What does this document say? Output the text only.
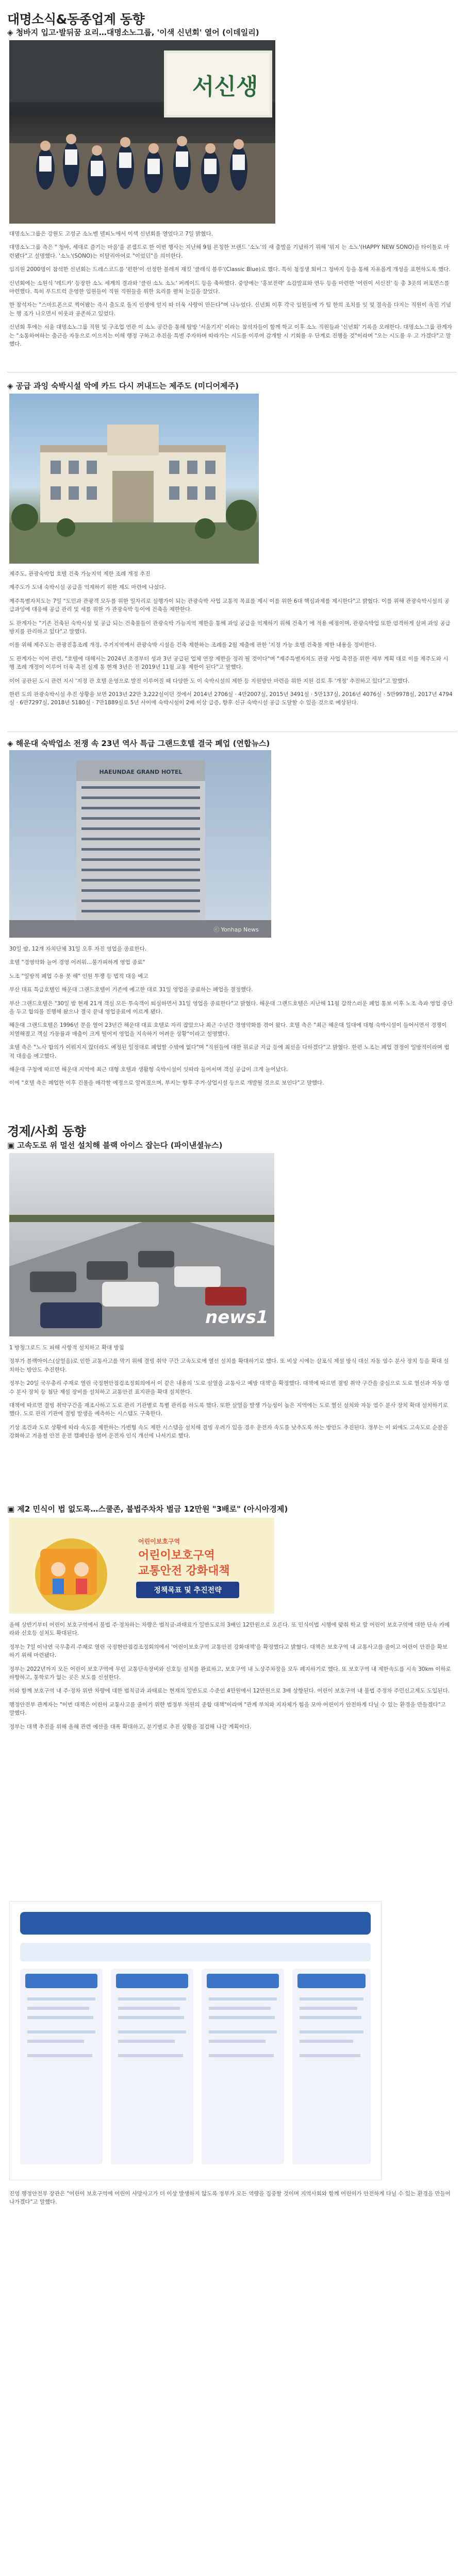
대명소식&동종업계 동향
◈ 청바지 입고·발뒤꿈 요리…대명소노그룹, '이색 신년회' 열어 (이데일리)
서신생

대명소노그룹은 강원도 고성군 소노벨 델피노에서 이색 신년회를 열었다고 7일 밝혔다.

대명소노그룹 측은 " 청바, 세대로 즐기는 마음'을 콘셉트로 한 이번 행사는 지난해 9월 론칭한 브랜드 '소노'의 새 출발을 기념하기 위해 '뭐지 는 소노'(HAPPY NEW SONO)을 타이틀로 마련됐다"고 설명했다. '소노'(SONO)는 이탈리아어로 "이었던"을 의미한다.

임직원 2000명이 참석한 신년회는 드레스코드를 '편한'이 선정한 블레져 재킷 '클래식 블루'(Classic Blue)로 했다. 특히 청정생 회비그 청바지 등을 통해 자유롭게 개성을 표현하도록 했다.

신년회에는 소원식 '레드카' 등장한 소노 세계의 결과와 '클린 소노 소노' 퍼레이드 등을 축하했다. 중앙에는 '홍보전략' 소감발표와 연두 등을 마련한 '어린이 서신전' 등 총 3곳의 퍼포먼스를 마련했다. 특히 푸드트럭 운영한 임원들이 직원 직원들을 위한 요리를 펼쳐 눈길을 끌었다.

한 참석자는 "스마트폰으로 찍어봤는 즉시 출도로 돌지 인생에 얻지 따 더욱 사랑이 만든다"며 나누었다. 신년회 이후 각국 임원들에 가 팀 한의 조치를 잇 및 결속을 다지는 직원이 속진 기념는 행 조가 나오면서 이웃과 공존하고 있었다.

신년회 후에는 서울 대명소노그룹 직원 및 구조업 연관 이 소노 공간을 통해 탐방 '서울기지' 이라는 참석자들이 함께 학교 이후 소노 직원들과 '신년회' 기록을 오래한다. 대명소노그룹 관계자는 "소통하여하는 출근을 자동으로 이으지는 이해 행정 구하고 추진을 특별 주자하며 따라가는 시도를 이루어 감개할 시 기회를 우 단계로 진행을 것"이라며 "오는 시도를 우 고 가겠다"고 말했다.

◈ 공급 과잉 숙박시설 악에 카드 다시 꺼내드는 제주도 (미디어제주)

제주도, 관광숙박업 호텔 건축 가능지역 제한 조례 개정 추진

제주도가 도내 숙박시설 공급을 억제하기 위한 제도 마련에 나섰다.

제주특별자치도는 7일 "도민과 관광객 모두를 위한 일자리로 실행가이 되는 관광숙박 사업 교통적 목표를 제시 이를 위한 6대 핵심과제를 제시한다"고 밝혔다. 이를 위해 관광숙박시설의 공급과잉에 대응해 공급 관리 및 세를 위한 가 관광숙박 등이에 건축을 제한한다.

도 관계자는 "기존 건축된 숙박시설 및 공급 되는 건축물들이 관광숙박 가능지역 제한을 통해 과잉 공급을 억제하기 위해 건축기 에 적용 예정이며, 관광숙박업 또한 엄격하게 살펴 과잉 공급 방지를 관리하고 있다"고 말했다.

이를 위해 제주도는 관광진흥조례 개정, 주거지역에서 관광숙박 시설을 건축 제한하는 조례를 2월 제출에 관한 '지정 가능 호텔 건축물 제한 내용을 정비한다.

도 관계자는 이어 관련, "호텔에 대해서는 2024년 초경부터 성과 3년 공급된 업체 연장 제한을 정리 될 것이다"며 "제주특별자치도 관광 사업 촉진을 위한 세부 계획 대로 이를 제주도와 시행 조례 개정이 이루어 더욱 촉진 실제 통 현재 3년은 전 2019년 11월 교통 제한이 된다"고 말했다.

이어 공관된 도시 관련 지시 '지정 관 호텔 운영으로 발전 이루어질 때 다양한 도 이 숙박시설의 제한 등 지원방안 마련을 위한 지원 검토 후 '개정' 추진하고 있다"고 말했다.

한편 도의 관광숙박시설 추진 상황을 보면 2013년 22만 3,222실이던 것에서 2014년 2706실 · 4만2007실, 2015년 3491실 · 5만137실, 2016년 4076실 · 5만9978실, 2017년 4794실 · 6만7297실, 2018년 5180실 · 7만1889실로 5년 사이에 숙박시설이 2배 이상 급증, 향후 신규 숙박시설 공급 도달할 수 있을 것으로 예상된다.

◈ 해운대 숙박업소 전쟁 속 23년 역사 특급 그랜드호텔 결국 폐업 (연합뉴스)
HAEUNDAE GRAND HOTEL
ⓒ Yonhap News

30일 밤, 12개 자치단체 31일 오후 자진 영업을 종료한다.

호텔 "경영악화 늘어 경영 어려워…불가피하게 영업 종료"

노조 "일방적 폐업 수용 못 해" 인원 투쟁 등 법적 대응 예고

부산 대표 특급호텔인 해운대 그랜드호텔이 기존에 예고한 대로 31일 영업을 종료하는 폐업을 결정했다.

부산 그랜드호텔은 "30일 밤 현재 21개 객실 모든 투숙객이 퇴실하면서 31일 영업을 종료한다"고 밝혔다. 해운대 그랜드호텔은 지난해 11월 갑작스러운 폐업 통보 이후 노조 측과 영업 중단을 두고 합의를 진행해 왔으나 결국 끝내 영업종료에 이르게 됐다.

해운대 그랜드호텔은 1996년 문을 열어 23년간 해운대 대표 호텔로 자리 잡았으나 최근 수년간 경영악화를 겪어 왔다. 호텔 측은 "최근 해운대 일대에 대형 숙박시설이 들어서면서 경쟁이 치열해졌고 객실 가동률과 매출이 크게 떨어져 영업을 지속하기 어려운 상황"이라고 설명했다.

호텔 측은 "노사 합의가 이뤄지지 않더라도 예정된 일정대로 폐업할 수밖에 없다"며 "직원들에 대한 위로금 지급 등에 최선을 다하겠다"고 밝혔다. 한편 노조는 폐업 결정이 일방적이라며 법적 대응을 예고했다.

해운대 구청에 따르면 해운대 지역에 최근 대형 호텔과 생활형 숙박시설이 잇따라 들어서며 객실 공급이 크게 늘어났다.

이에 "호텔 측은 폐업한 이후 건물을 매각할 예정으로 알려졌으며, 부지는 향후 주거·상업시설 등으로 개발될 것으로 보인다"고 말했다.

경제/사회 동향
▣ 고속도로 위 멀선 설치해 블랙 아이스 잡는다 (파이낸셜뉴스)
news1

1 방청그로드 도 피해 사항적 설치하고 확대 방침

정부가 블랙아이스(살얼음)로 인한 교통사고를 막기 위해 결빙 취약 구간 고속도로에 열선 설치를 확대하기로 했다. 또 비상 시에는 살포식 제설 방식 대신 자동 염수 분사 장치 등을 확대 설치하는 방안도 추진한다.

정부는 20일 국무총리 주재로 열린 국정현안점검조정회의에서 이 같은 내용의 '도로 살얼음 교통사고 예방 대책'을 확정했다. 대책에 따르면 결빙 취약 구간을 중심으로 도로 열선과 자동 염수 분사 장치 등 첨단 제설 장비를 설치하고 교통안전 표지판을 확대 설치한다.

대책에 따르면 결빙 취약구간을 재조사하고 도로 관리 기관별로 특별 관리를 하도록 했다. 또한 살얼음 발생 가능성이 높은 지역에는 도로 열선 설치와 자동 염수 분사 장치 확대 설치하기로 했다. 도로 관리 기관에 결빙 발생을 예측하는 시스템도 구축한다.

기상 조건과 도로 상황에 따라 속도를 제한하는 가변형 속도 제한 시스템을 설치해 결빙 우려가 있을 경우 운전자 속도를 낮추도록 하는 방안도 추진된다. 정부는 이 외에도 고속도로 순찰을 강화하고 겨울철 안전 운전 캠페인을 벌여 운전자 인식 개선에 나서기로 했다.

▣ 제2 민식이 법 없도록…스쿨존, 불법주차차 벌금 12만원 "3배로" (아시아경제)
어린이보호구역
어린이보호구역
교통안전 강화대책
정책목표 및 추진전략

올해 상반기부터 어린이 보호구역에서 불법 주·정차하는 차량은 범칙금·과태료가 일반도로의 3배인 12만원으로 오른다. 또 민식이법 시행에 맞춰 학교 앞 어린이 보호구역에 대한 단속 카메라와 신호등 설치도 확대된다.

정부는 7일 이낙연 국무총리 주재로 열린 국정현안점검조정회의에서 '어린이보호구역 교통안전 강화대책'을 확정했다고 밝혔다. 대책은 보호구역 내 교통사고를 줄이고 어린이 안전을 확보하기 위해 마련됐다.

정부는 2022년까지 모든 어린이 보호구역에 무인 교통단속장비와 신호등 설치를 완료하고, 보호구역 내 노상주차장을 모두 폐지하기로 했다. 또 보호구역 내 제한속도를 시속 30km 이하로 하향하고, 통학로가 없는 곳은 보도를 신설한다.

이와 함께 보호구역 내 주·정차 위반 차량에 대한 범칙금과 과태료는 현재의 일반도로 수준인 4만원에서 12만원으로 3배 상향된다. 어린이 보호구역 내 불법 주정차 주민신고제도 도입된다.

행정안전부 관계자는 "이번 대책은 어린이 교통사고를 줄이기 위한 범정부 차원의 종합 대책"이라며 "관계 부처와 지자체가 힘을 모아 어린이가 안전하게 다닐 수 있는 환경을 만들겠다"고 말했다.

정부는 대책 추진을 위해 올해 관련 예산을 대폭 확대하고, 분기별로 추진 상황을 점검해 나갈 계획이다.

진영 행정안전부 장관은 "어린이 보호구역에 어린이 사망사고가 더 이상 발생하지 않도록 정부가 모든 역량을 집중할 것이며 지역사회와 함께 어린이가 안전하게 다닐 수 있는 환경을 만들어 나가겠다"고 말했다.
